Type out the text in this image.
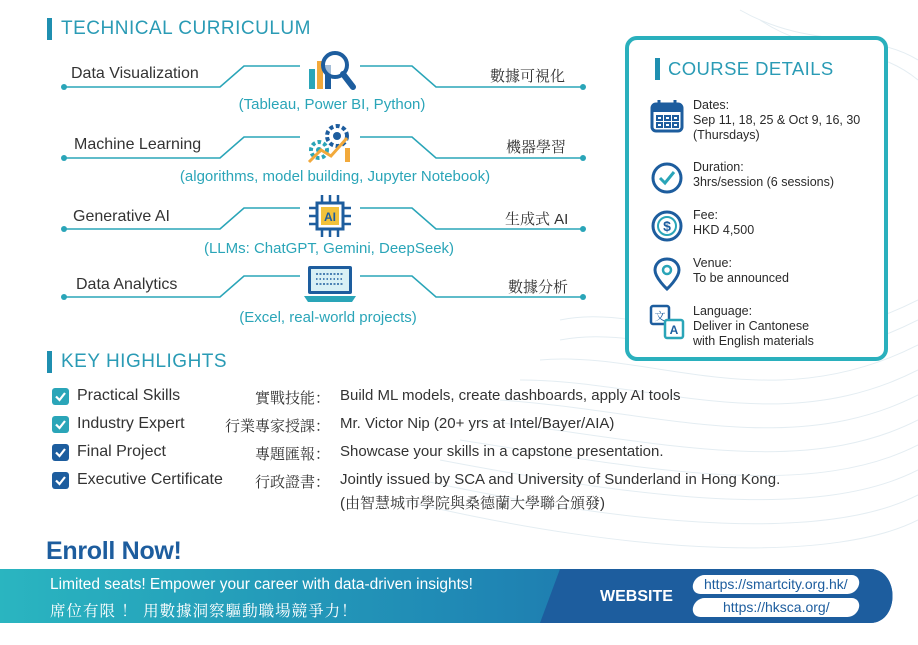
TECHNICAL CURRICULUM
Data Visualization	數據可視化
(Tableau, Power BI, Python)
Machine Learning	機器學習
(algorithms, model building, Jupyter Notebook)
Generative AI	生成式 AI
(LLMs: ChatGPT, Gemini, DeepSeek)
AI
Data Analytics	數據分析
(Excel, real-world projects)
COURSE DETAILS
Dates:
Sep 11, 18, 25 & Oct 9, 16, 30
(Thursdays)
Duration:
3hrs/session (6 sessions)
$
Fee:
HKD 4,500
Venue:
To be announced
文
A
Language:
Deliver in Cantonese
with English materials
KEY HIGHLIGHTS
Practical Skills	實戰技能： Build ML models, create dashboards, apply AI tools
Industry Expert	行業專家授課： Mr. Victor Nip (20+ yrs at Intel/Bayer/AIA)
Final Project	專題匯報： Showcase your skills in a capstone presentation.
Executive Certificate 行政證書： Jointly issued by SCA and University of Sunderland in Hong Kong.
(由智慧城市學院與桑德蘭大學聯合頒發)
Enroll Now!
Limited seats! Empower your career with data-driven insights!
席位有限 ！ 用數據洞察驅動職場競爭力！
WEBSITE
https://smartcity.org.hk/
https://hksca.org/
